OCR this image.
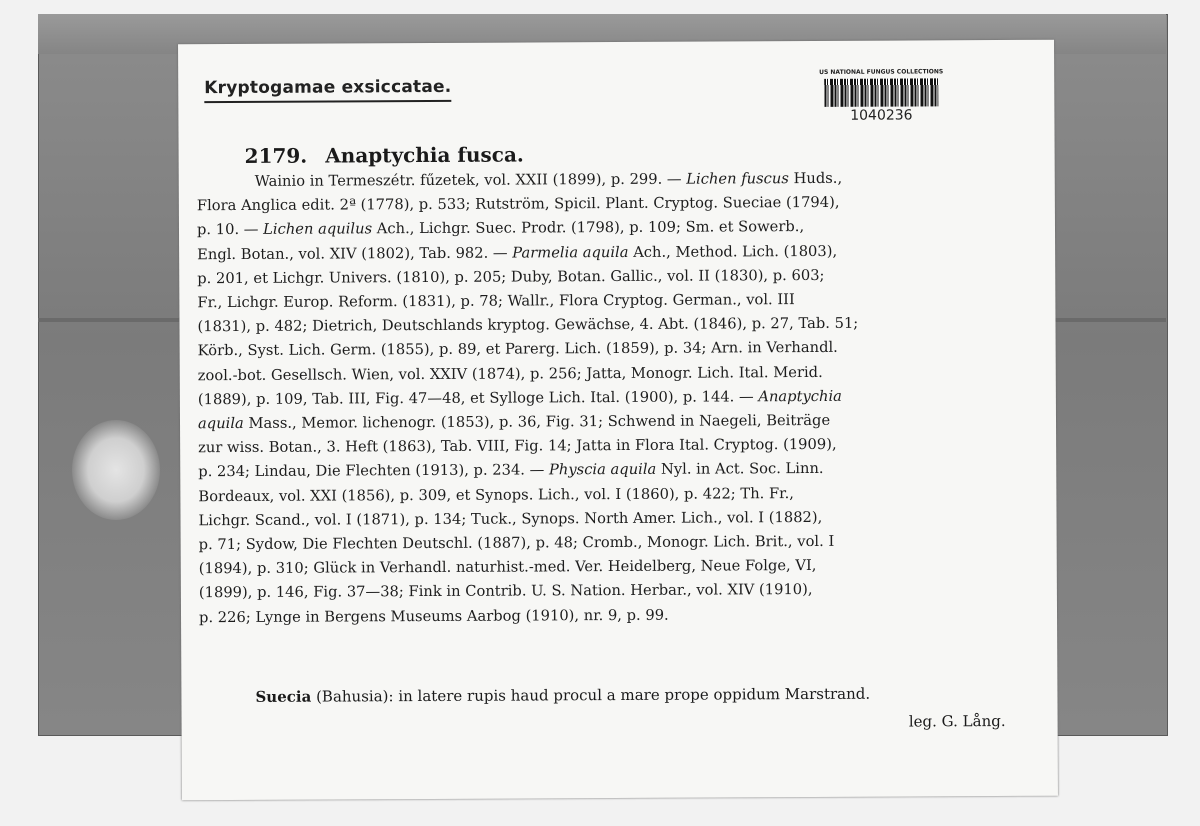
Kryptogamae exsiccatae.
US NATIONAL FUNGUS COLLECTIONS
1040236
2179. Anaptychia fusca.
Wainio in Termeszétr. fűzetek, vol. XXII (1899), p. 299. — Lichen fuscus Huds.,
Flora Anglica edit. 2ª (1778), p. 533; Rutström, Spicil. Plant. Cryptog. Sueciae (1794),
p. 10. — Lichen aquilus Ach., Lichgr. Suec. Prodr. (1798), p. 109; Sm. et Sowerb.,
Engl. Botan., vol. XIV (1802), Tab. 982. — Parmelia aquila Ach., Method. Lich. (1803),
p. 201, et Lichgr. Univers. (1810), p. 205; Duby, Botan. Gallic., vol. II (1830), p. 603;
Fr., Lichgr. Europ. Reform. (1831), p. 78; Wallr., Flora Cryptog. German., vol. III
(1831), p. 482; Dietrich, Deutschlands kryptog. Gewächse, 4. Abt. (1846), p. 27, Tab. 51;
Körb., Syst. Lich. Germ. (1855), p. 89, et Parerg. Lich. (1859), p. 34; Arn. in Verhandl.
zool.-bot. Gesellsch. Wien, vol. XXIV (1874), p. 256; Jatta, Monogr. Lich. Ital. Merid.
(1889), p. 109, Tab. III, Fig. 47—48, et Sylloge Lich. Ital. (1900), p. 144. — Anaptychia
aquila Mass., Memor. lichenogr. (1853), p. 36, Fig. 31; Schwend in Naegeli, Beiträge
zur wiss. Botan., 3. Heft (1863), Tab. VIII, Fig. 14; Jatta in Flora Ital. Cryptog. (1909),
p. 234; Lindau, Die Flechten (1913), p. 234. — Physcia aquila Nyl. in Act. Soc. Linn.
Bordeaux, vol. XXI (1856), p. 309, et Synops. Lich., vol. I (1860), p. 422; Th. Fr.,
Lichgr. Scand., vol. I (1871), p. 134; Tuck., Synops. North Amer. Lich., vol. I (1882),
p. 71; Sydow, Die Flechten Deutschl. (1887), p. 48; Cromb., Monogr. Lich. Brit., vol. I
(1894), p. 310; Glück in Verhandl. naturhist.-med. Ver. Heidelberg, Neue Folge, VI,
(1899), p. 146, Fig. 37—38; Fink in Contrib. U. S. Nation. Herbar., vol. XIV (1910),
p. 226; Lynge in Bergens Museums Aarbog (1910), nr. 9, p. 99.
Suecia (Bahusia): in latere rupis haud procul a mare prope oppidum Marstrand.
leg. G. Lång.
